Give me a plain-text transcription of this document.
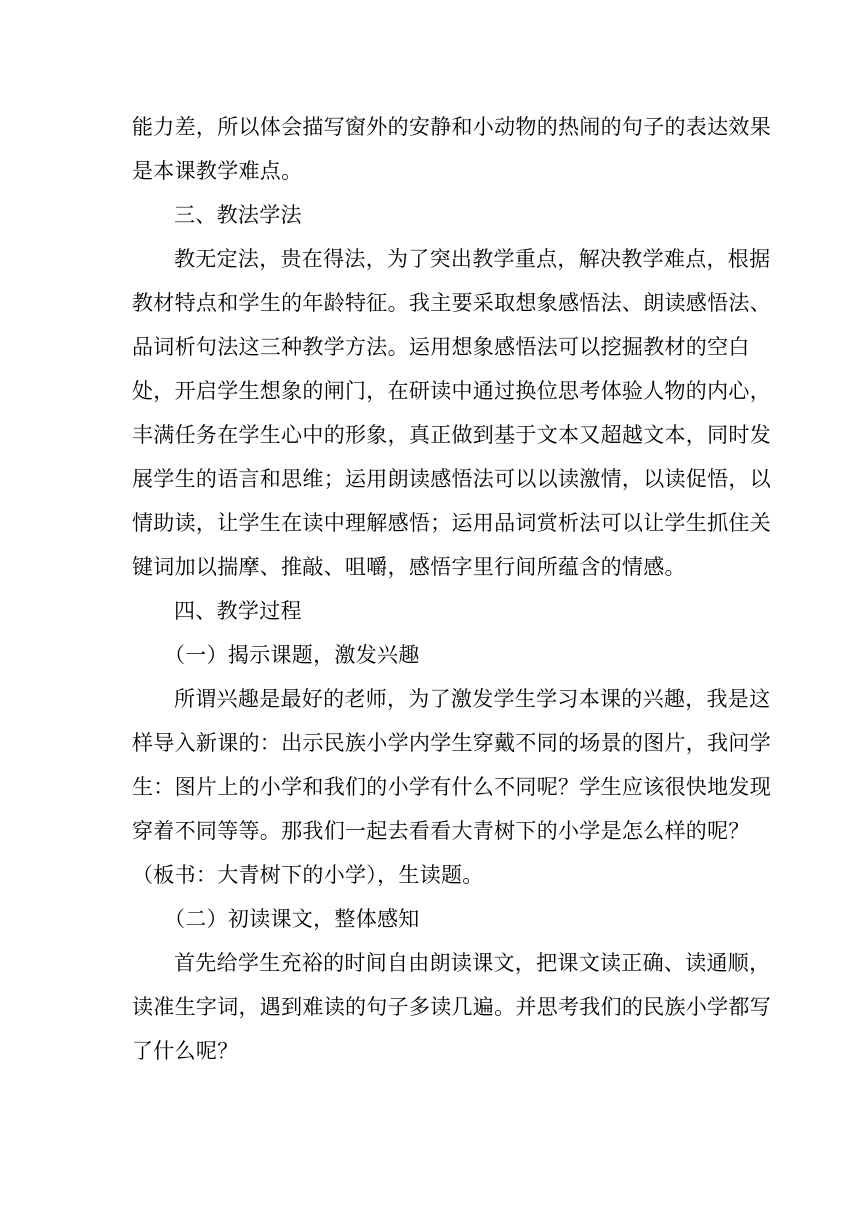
能力差，所以体会描写窗外的安静和小动物的热闹的句子的表达效果
是本课教学难点。
三、教法学法
教无定法，贵在得法，为了突出教学重点，解决教学难点，根据
教材特点和学生的年龄特征。我主要采取想象感悟法、朗读感悟法、
品词析句法这三种教学方法。运用想象感悟法可以挖掘教材的空白
处，开启学生想象的闸门，在研读中通过换位思考体验人物的内心，
丰满任务在学生心中的形象，真正做到基于文本又超越文本，同时发
展学生的语言和思维；运用朗读感悟法可以以读激情，以读促悟，以
情助读，让学生在读中理解感悟；运用品词赏析法可以让学生抓住关
键词加以揣摩、推敲、咀嚼，感悟字里行间所蕴含的情感。
四、教学过程
（一）揭示课题，激发兴趣
所谓兴趣是最好的老师，为了激发学生学习本课的兴趣，我是这
样导入新课的：出示民族小学内学生穿戴不同的场景的图片，我问学
生：图片上的小学和我们的小学有什么不同呢？学生应该很快地发现
穿着不同等等。那我们一起去看看大青树下的小学是怎么样的呢？
（板书：大青树下的小学），生读题。
（二）初读课文，整体感知
首先给学生充裕的时间自由朗读课文，把课文读正确、读通顺，
读准生字词，遇到难读的句子多读几遍。并思考我们的民族小学都写
了什么呢？
